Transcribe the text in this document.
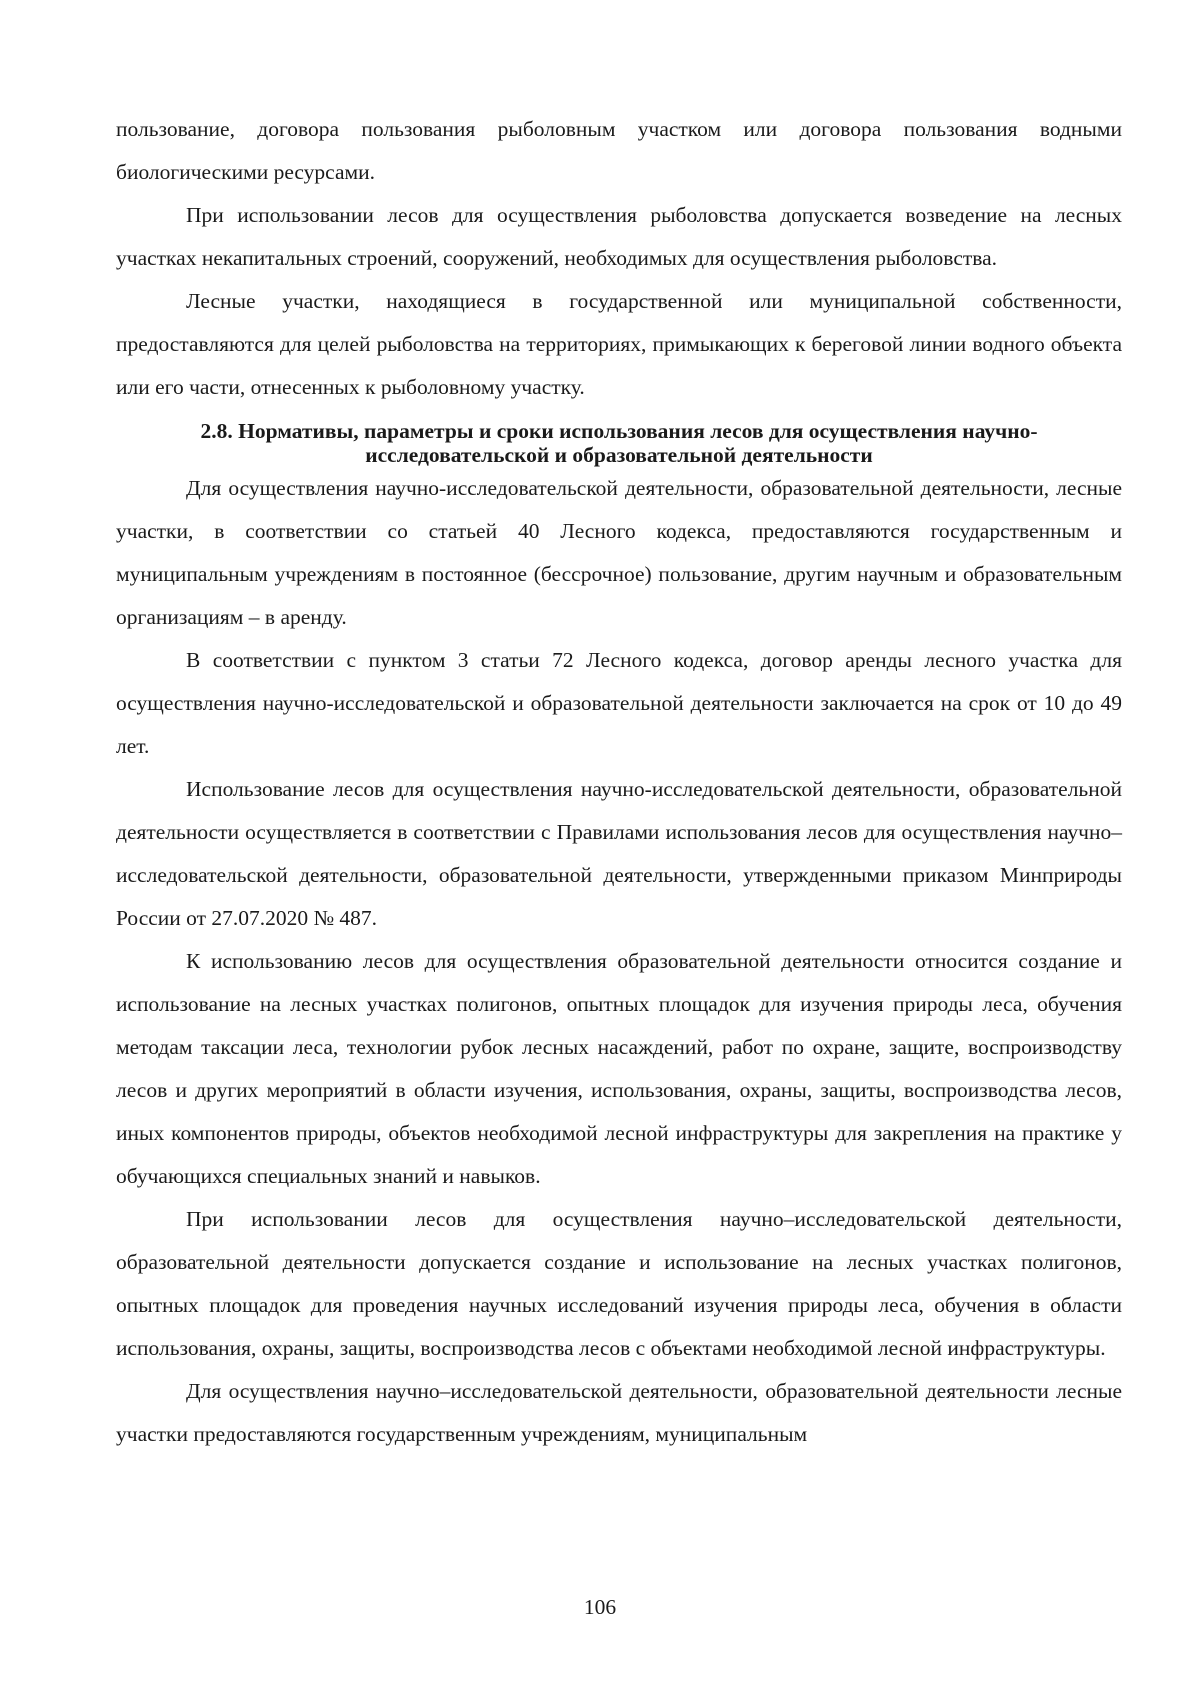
пользование, договора пользования рыболовным участком или договора пользования водными биологическими ресурсами.

При использовании лесов для осуществления рыболовства допускается возведение на лесных участках некапитальных строений, сооружений, необходимых для осуществления рыболовства.

Лесные участки, находящиеся в государственной или муниципальной собственности, предоставляются для целей рыболовства на территориях, примыкающих к береговой линии водного объекта или его части, отнесенных к рыболовному участку.

2.8. Нормативы, параметры и сроки использования лесов для осуществления научно-исследовательской и образовательной деятельности

Для осуществления научно-исследовательской деятельности, образовательной деятельности, лесные участки, в соответствии со статьей 40 Лесного кодекса, предоставляются государственным и муниципальным учреждениям в постоянное (бессрочное) пользование, другим научным и образовательным организациям – в аренду.

В соответствии с пунктом 3 статьи 72 Лесного кодекса, договор аренды лесного участка для осуществления научно-исследовательской и образовательной деятельности заключается на срок от 10 до 49 лет.

Использование лесов для осуществления научно-исследовательской деятельности, образовательной деятельности осуществляется в соответствии с Правилами использования лесов для осуществления научно–исследовательской деятельности, образовательной деятельности, утвержденными приказом Минприроды России от 27.07.2020 № 487.

К использованию лесов для осуществления образовательной деятельности относится создание и использование на лесных участках полигонов, опытных площадок для изучения природы леса, обучения методам таксации леса, технологии рубок лесных насаждений, работ по охране, защите, воспроизводству лесов и других мероприятий в области изучения, использования, охраны, защиты, воспроизводства лесов, иных компонентов природы, объектов необходимой лесной инфраструктуры для закрепления на практике у обучающихся специальных знаний и навыков.

При использовании лесов для осуществления научно–исследовательской деятельности, образовательной деятельности допускается создание и использование на лесных участках полигонов, опытных площадок для проведения научных исследований изучения природы леса, обучения в области использования, охраны, защиты, воспроизводства лесов с объектами необходимой лесной инфраструктуры.

Для осуществления научно–исследовательской деятельности, образовательной деятельности лесные участки предоставляются государственным учреждениям, муниципальным

106
